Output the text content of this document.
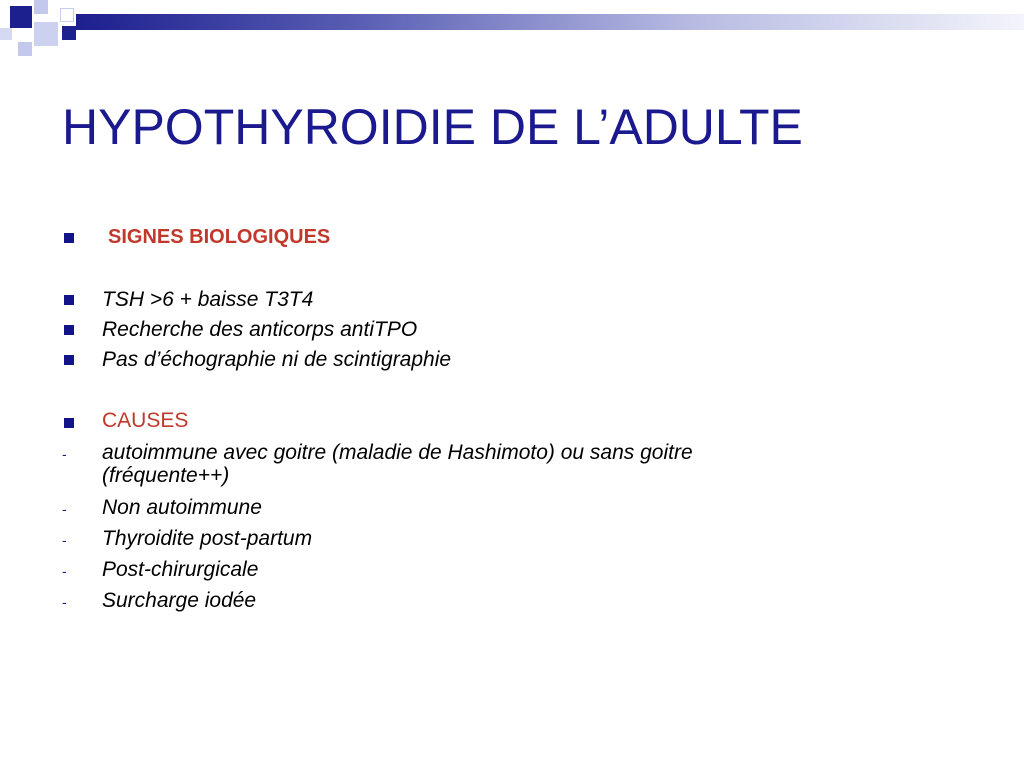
HYPOTHYROIDIE DE L’ADULTE
SIGNES BIOLOGIQUES
TSH >6 + baisse T3T4
Recherche des anticorps antiTPO
Pas d’échographie ni de scintigraphie
CAUSES
- autoimmune avec goitre (maladie de Hashimoto) ou sans goitre
(fréquente++)
- Non autoimmune
- Thyroidite post-partum
- Post-chirurgicale
- Surcharge iodée
